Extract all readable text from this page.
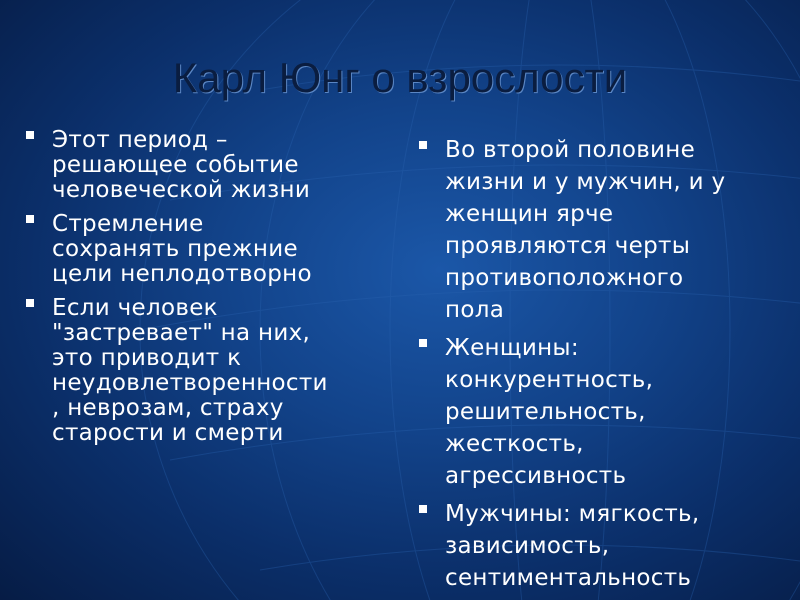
Карл Юнг о взрослости
Этот период –
решающее событие
человеческой жизни
Стремление
сохранять прежние
цели неплодотворно
Если человек
"застревает" на них,
это приводит к
неудовлетворенности
, неврозам, страху
старости и смерти
Во второй половине
жизни и у мужчин, и у
женщин ярче
проявляются черты
противоположного
пола
Женщины:
конкурентность,
решительность,
жесткость,
агрессивность
Мужчины: мягкость,
зависимость,
сентиментальность
